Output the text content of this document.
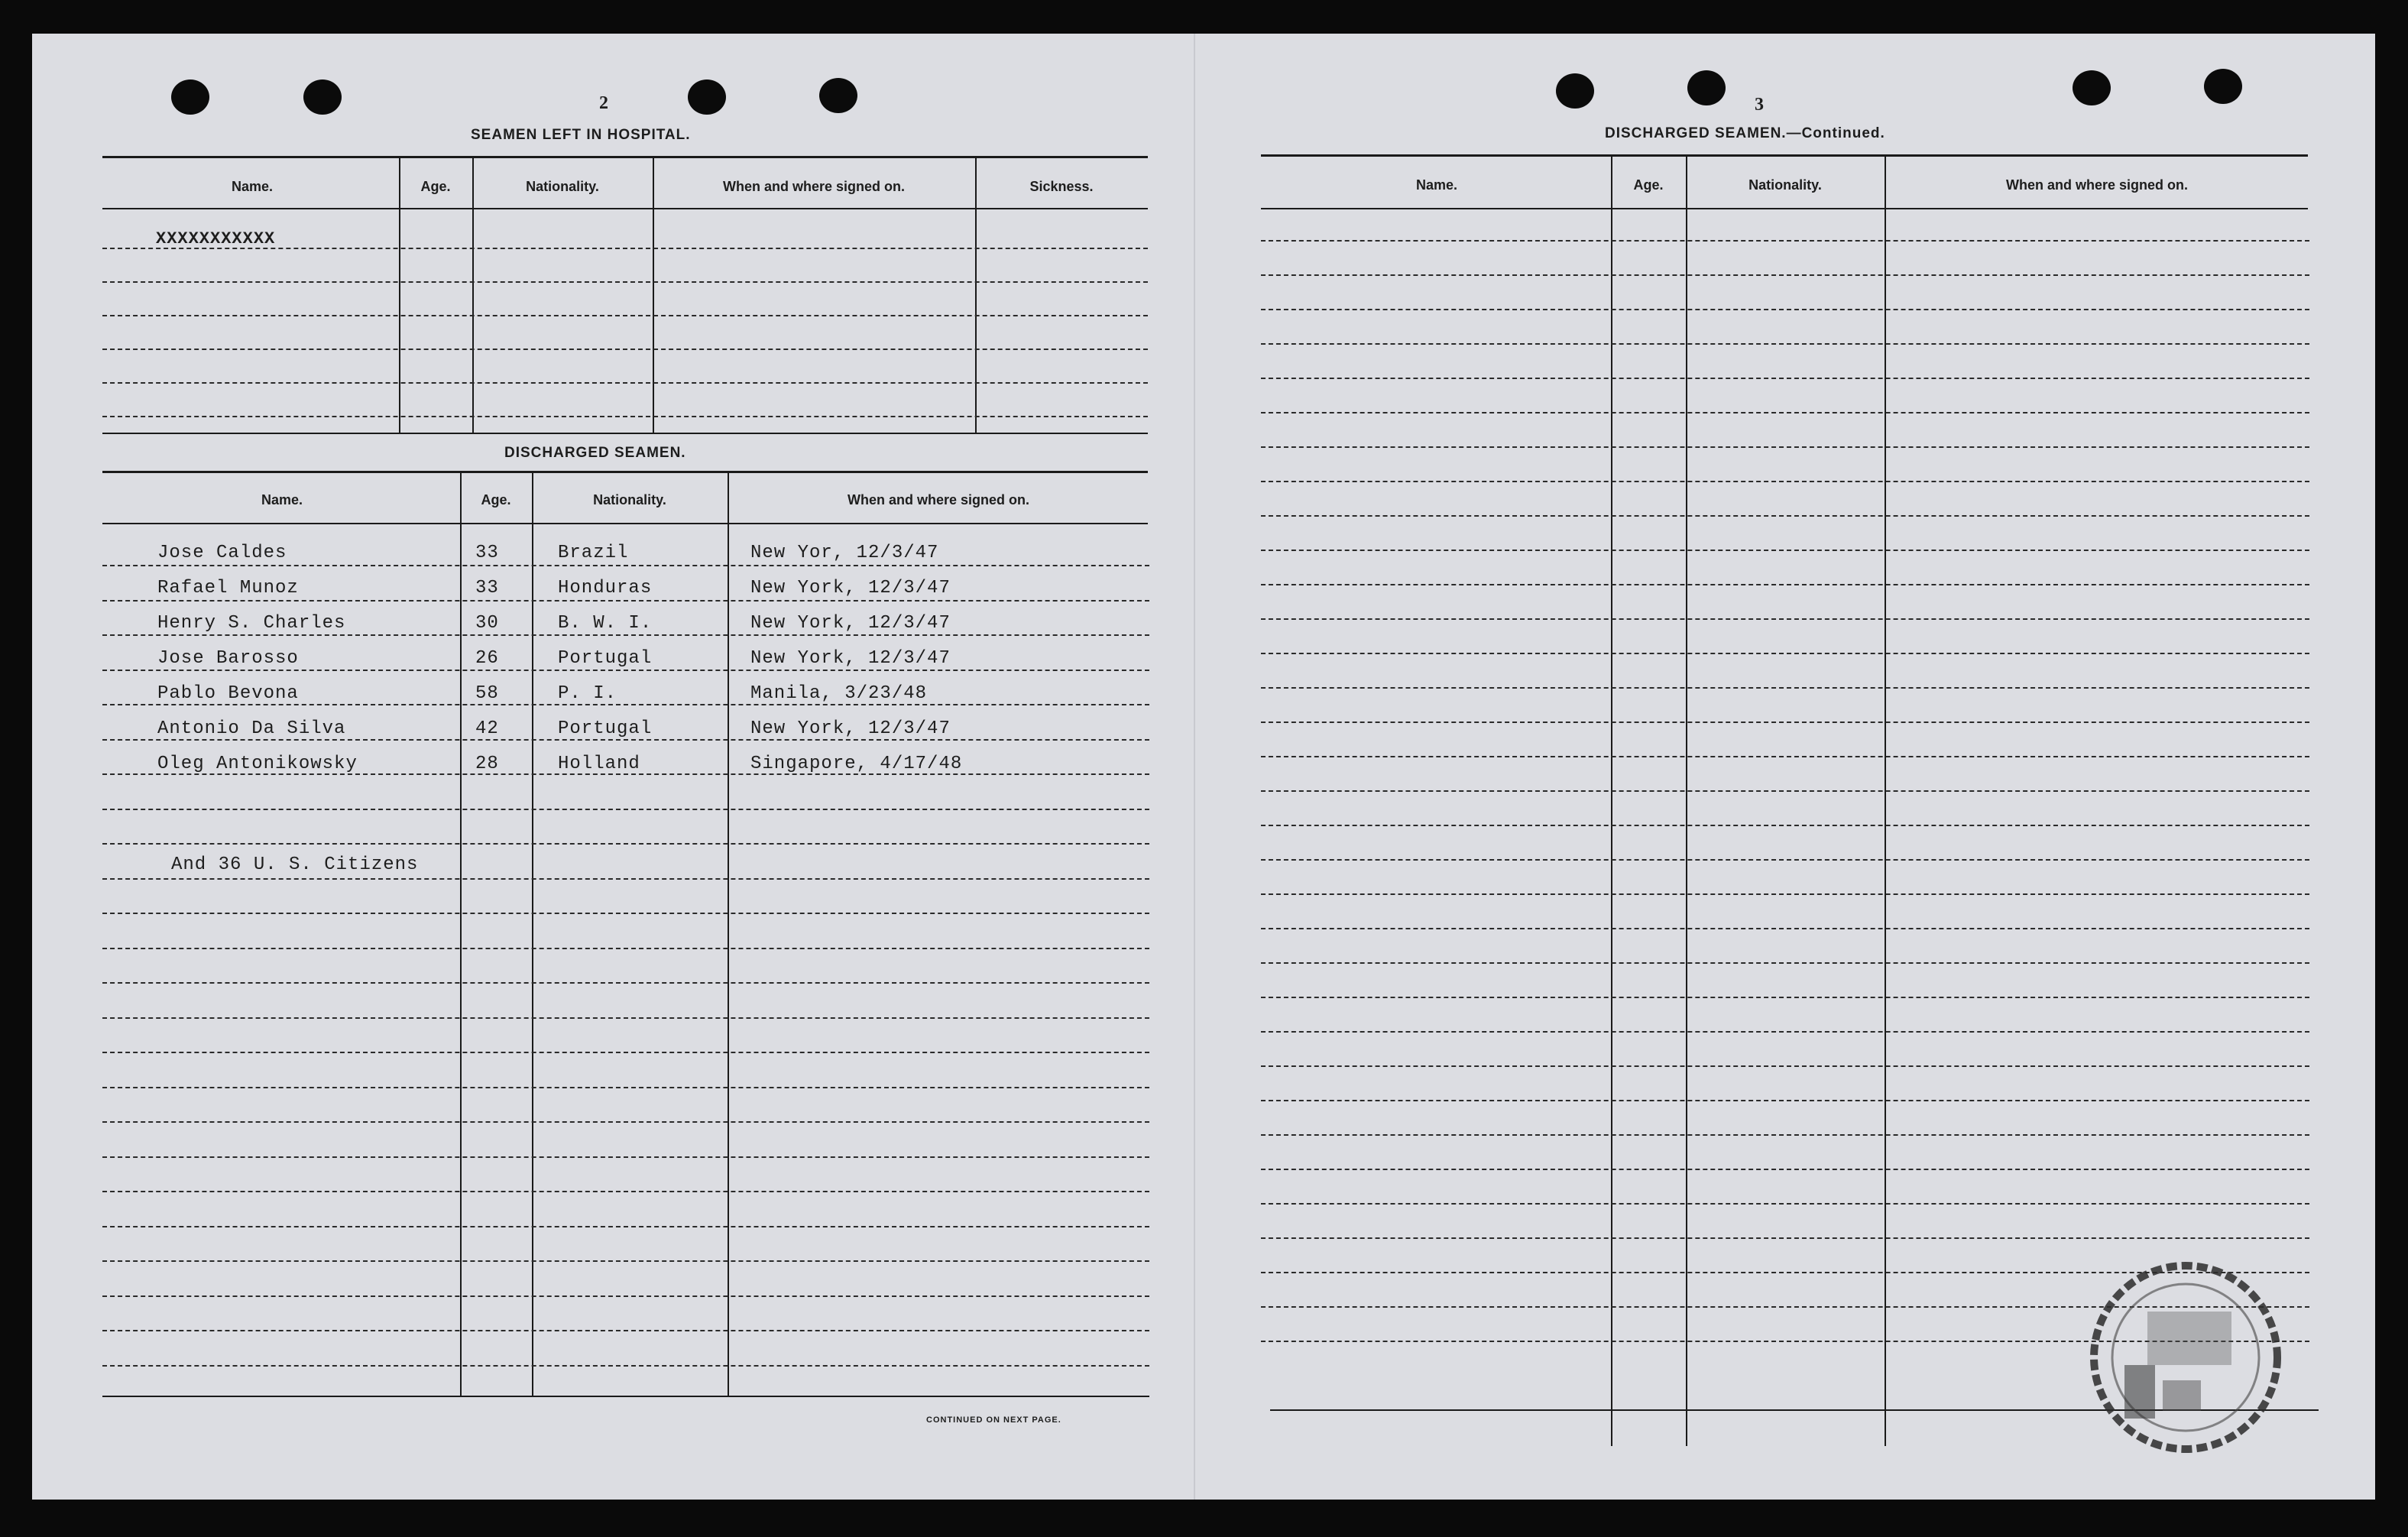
2
SEAMEN LEFT IN HOSPITAL.
Name.	Age.	Nationality.	When and where signed on.	Sickness.
XXXXXXXXXXX
DISCHARGED SEAMEN.
Name.	Age.	Nationality.	When and where signed on.
Jose Caldes	33	Brazil	New Yor, 12/3/47
Rafael Munoz	33	Honduras	New York, 12/3/47
Henry S. Charles	30	B. W. I.	New York, 12/3/47
Jose Barosso	26	Portugal	New York, 12/3/47
Pablo Bevona	58	P. I.	Manila, 3/23/48
Antonio Da Silva	42	Portugal	New York, 12/3/47
Oleg Antonikowsky	28	Holland	Singapore, 4/17/48
And 36 U. S. Citizens
CONTINUED ON NEXT PAGE.
3
DISCHARGED SEAMEN.—Continued.
Name.	Age.	Nationality.	When and where signed on.
